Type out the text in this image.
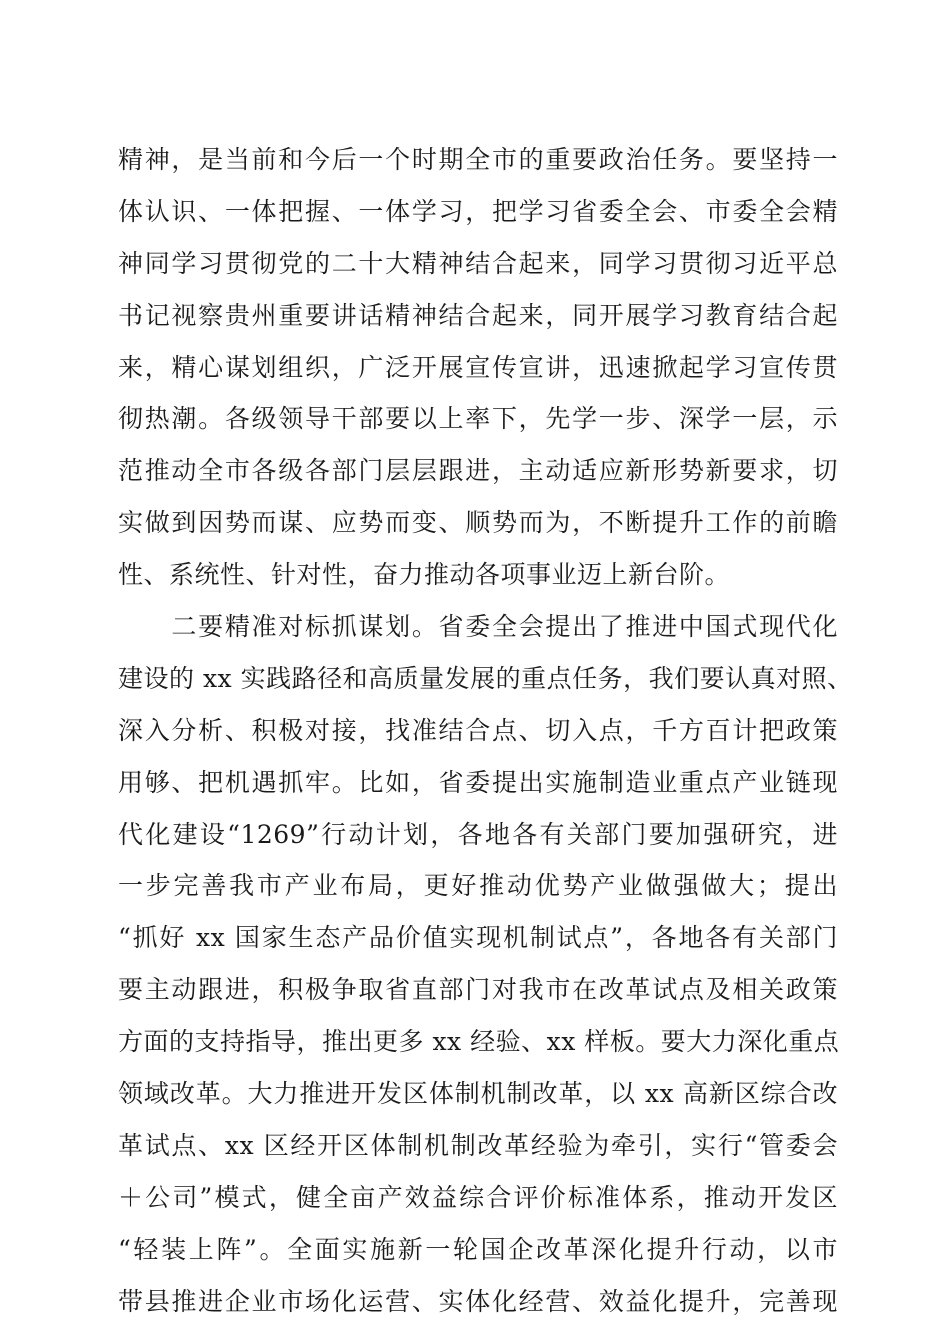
精神，是当前和今后一个时期全市的重要政治任务。要坚持一
体认识、一体把握、一体学习，把学习省委全会、市委全会精
神同学习贯彻党的二十大精神结合起来，同学习贯彻习近平总
书记视察贵州重要讲话精神结合起来，同开展学习教育结合起
来，精心谋划组织，广泛开展宣传宣讲，迅速掀起学习宣传贯
彻热潮。各级领导干部要以上率下，先学一步、深学一层，示
范推动全市各级各部门层层跟进，主动适应新形势新要求，切
实做到因势而谋、应势而变、顺势而为，不断提升工作的前瞻
性、系统性、针对性，奋力推动各项事业迈上新台阶。
　　二要精准对标抓谋划。省委全会提出了推进中国式现代化
建设的 xx 实践路径和高质量发展的重点任务，我们要认真对照、
深入分析、积极对接，找准结合点、切入点，千方百计把政策
用够、把机遇抓牢。比如，省委提出实施制造业重点产业链现
代化建设“1269”行动计划，各地各有关部门要加强研究，进
一步完善我市产业布局，更好推动优势产业做强做大；提出
“抓好 xx 国家生态产品价值实现机制试点”，各地各有关部门
要主动跟进，积极争取省直部门对我市在改革试点及相关政策
方面的支持指导，推出更多 xx 经验、xx 样板。要大力深化重点
领域改革。大力推进开发区体制机制改革，以 xx 高新区综合改
革试点、xx 区经开区体制机制改革经验为牵引，实行“管委会
＋公司”模式，健全亩产效益综合评价标准体系，推动开发区
“轻装上阵”。全面实施新一轮国企改革深化提升行动，以市
带县推进企业市场化运营、实体化经营、效益化提升，完善现
